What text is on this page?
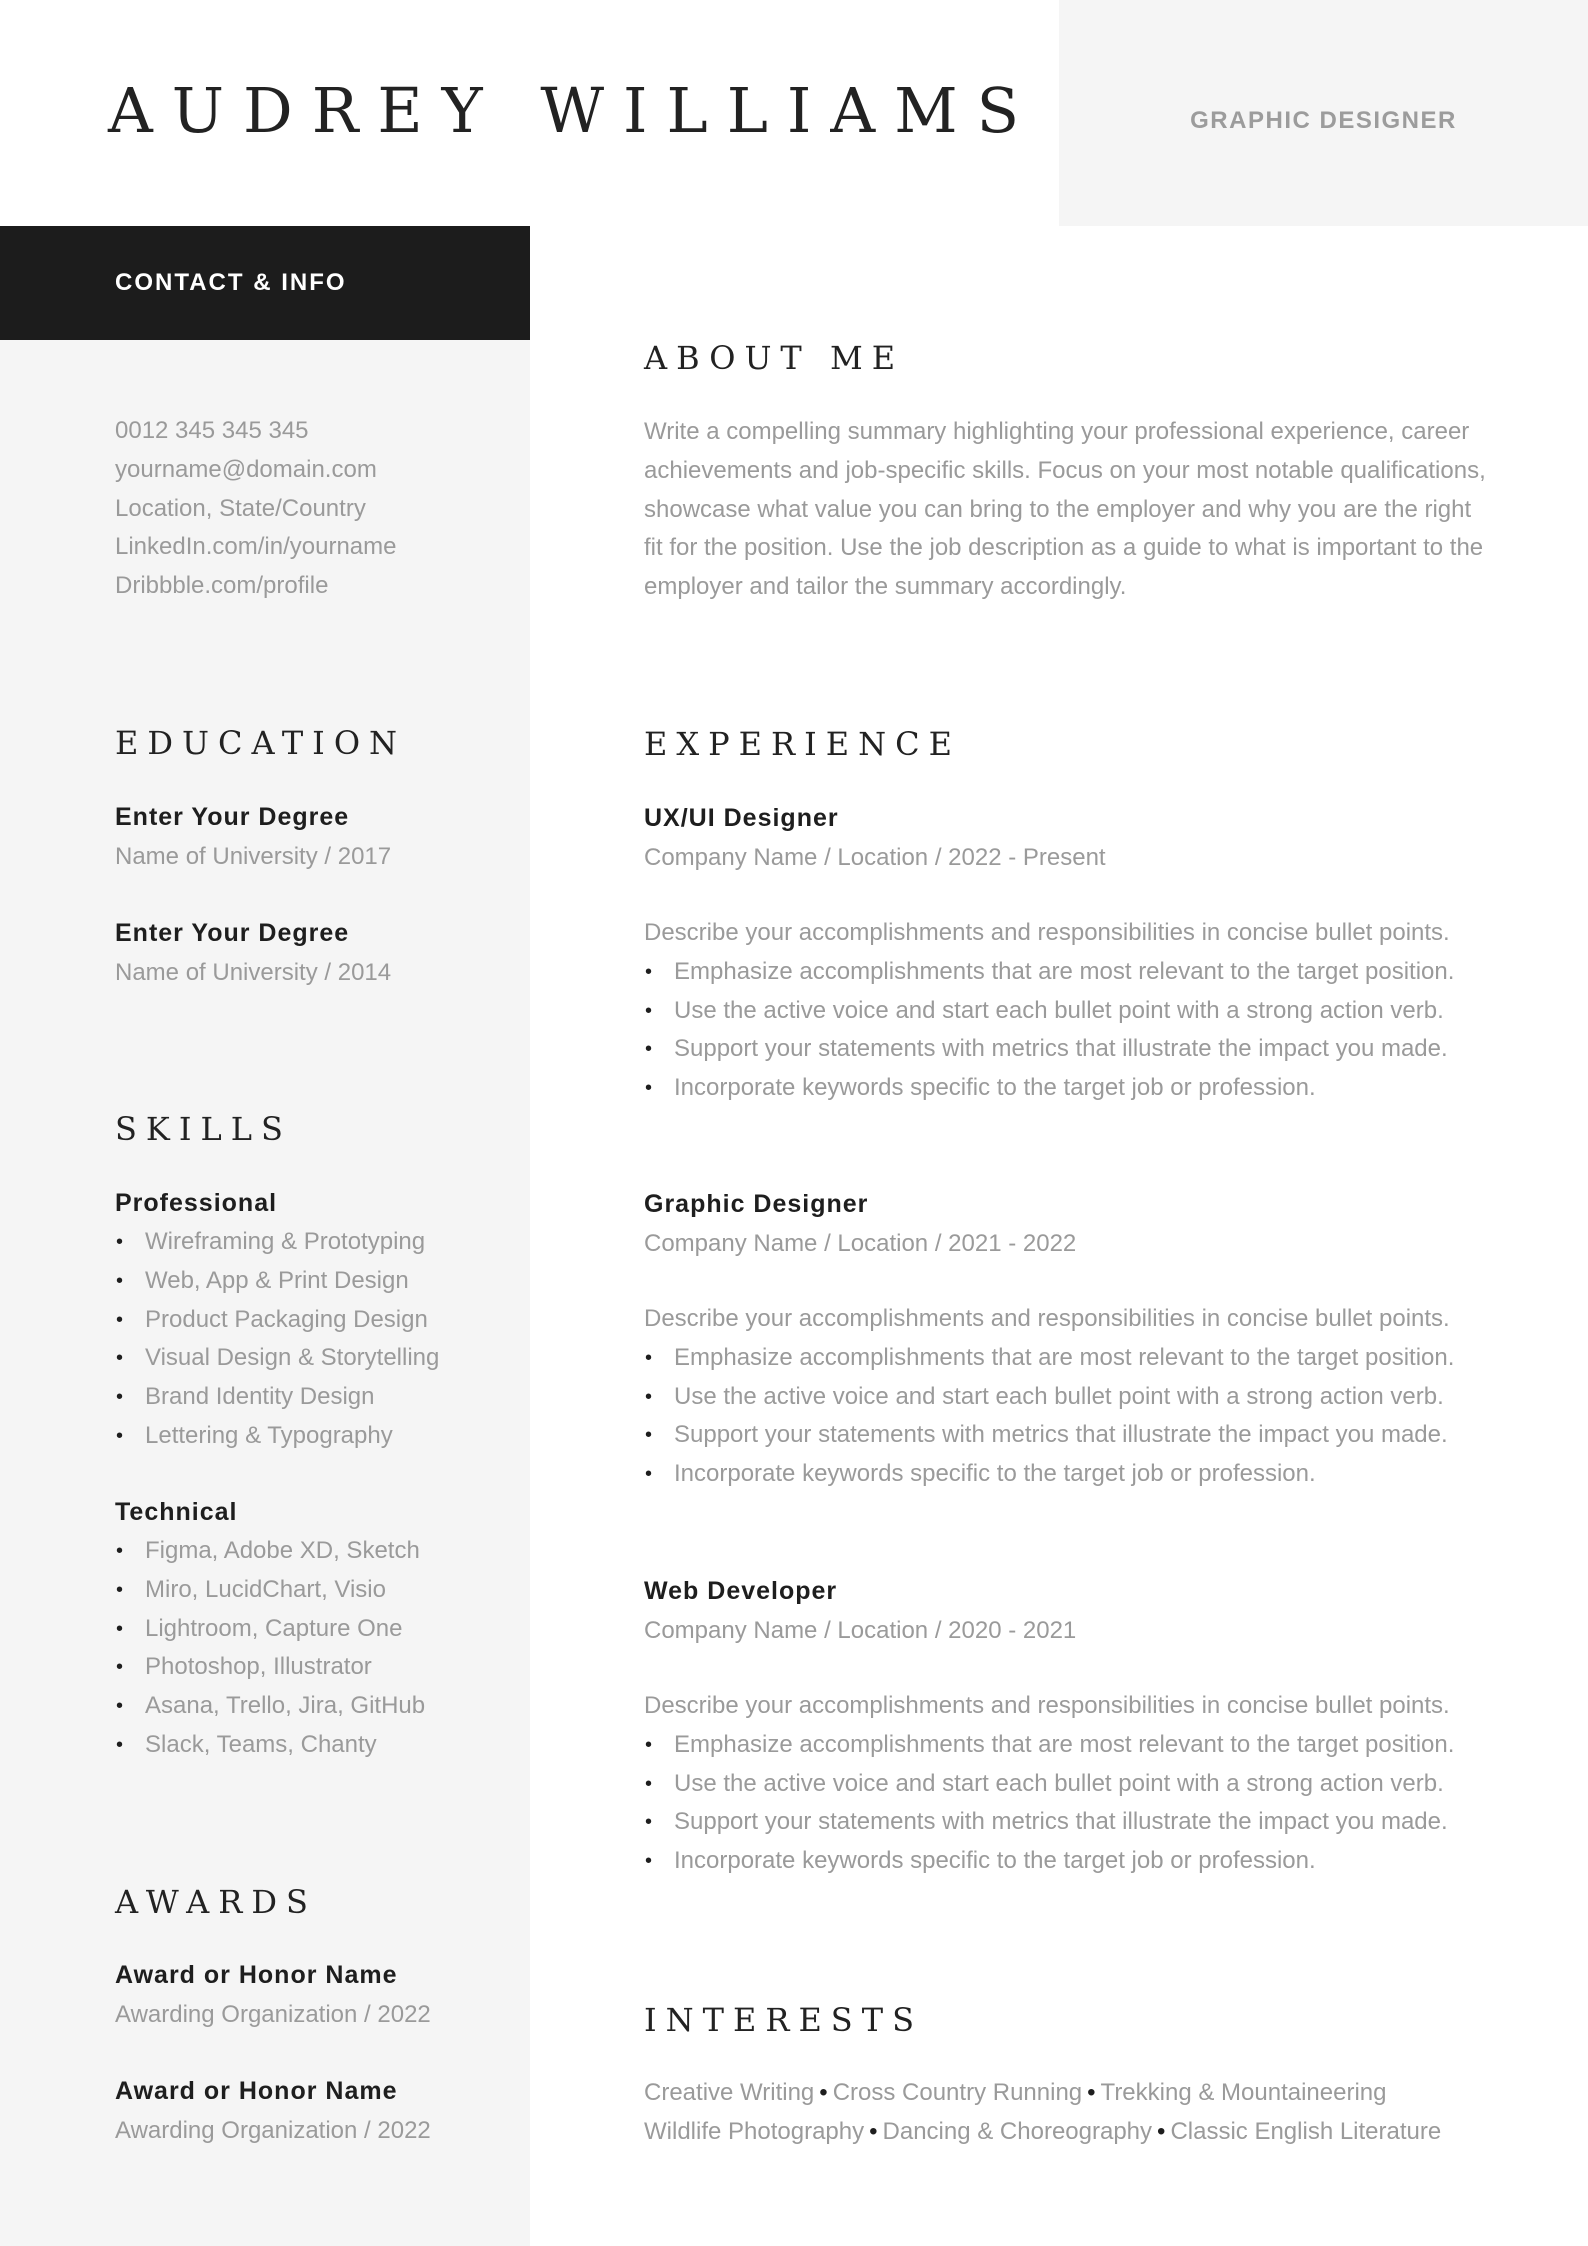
AUDREY WILLIAMS	GRAPHIC DESIGNER
CONTACT & INFO
0012 345 345 345
yourname@domain.com
Location, State/Country
LinkedIn.com/in/yourname
Dribbble.com/profile
EDUCATION
Enter Your Degree
Name of University / 2017
Enter Your Degree
Name of University / 2014
SKILLS
Professional
• Wireframing & Prototyping
• Web, App & Print Design
• Product Packaging Design
• Visual Design & Storytelling
• Brand Identity Design
• Lettering & Typography
Technical
• Figma, Adobe XD, Sketch
• Miro, LucidChart, Visio
• Lightroom, Capture One
• Photoshop, Illustrator
• Asana, Trello, Jira, GitHub
• Slack, Teams, Chanty
AWARDS
Award or Honor Name
Awarding Organization / 2022
Award or Honor Name
Awarding Organization / 2022
ABOUT ME
Write a compelling summary highlighting your professional experience, career
achievements and job-specific skills. Focus on your most notable qualifications,
showcase what value you can bring to the employer and why you are the right
fit for the position. Use the job description as a guide to what is important to the
employer and tailor the summary accordingly.
EXPERIENCE
UX/UI Designer
Company Name / Location / 2022 - Present
Describe your accomplishments and responsibilities in concise bullet points.
• Emphasize accomplishments that are most relevant to the target position.
• Use the active voice and start each bullet point with a strong action verb.
• Support your statements with metrics that illustrate the impact you made.
• Incorporate keywords specific to the target job or profession.
Graphic Designer
Company Name / Location / 2021 - 2022
Describe your accomplishments and responsibilities in concise bullet points.
• Emphasize accomplishments that are most relevant to the target position.
• Use the active voice and start each bullet point with a strong action verb.
• Support your statements with metrics that illustrate the impact you made.
• Incorporate keywords specific to the target job or profession.
Web Developer
Company Name / Location / 2020 - 2021
Describe your accomplishments and responsibilities in concise bullet points.
• Emphasize accomplishments that are most relevant to the target position.
• Use the active voice and start each bullet point with a strong action verb.
• Support your statements with metrics that illustrate the impact you made.
• Incorporate keywords specific to the target job or profession.
INTERESTS
Creative Writing • Cross Country Running • Trekking & Mountaineering
Wildlife Photography • Dancing & Choreography • Classic English Literature
